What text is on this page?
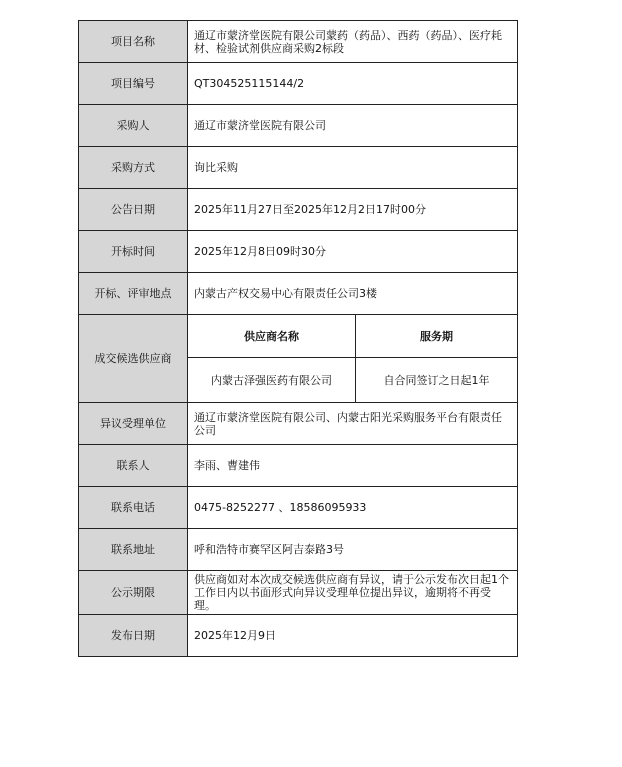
项目名称	通辽市蒙济堂医院有限公司蒙药（药品）、西药（药品）、医疗耗材、检验试剂供应商采购2标段
项目编号	QT304525115144/2
采购人	通辽市蒙济堂医院有限公司
采购方式	询比采购
公告日期	2025年11月27日至2025年12月2日17时00分
开标时间	2025年12月8日09时30分
开标、评审地点	内蒙古产权交易中心有限责任公司3楼
成交候选供应商	
供应商名称	服务期
内蒙古泽强医药有限公司	自合同签订之日起1年

异议受理单位	通辽市蒙济堂医院有限公司、内蒙古阳光采购服务平台有限责任公司
联系人	李雨、曹建伟
联系电话	0475-8252277 、18586095933
联系地址	呼和浩特市赛罕区阿吉泰路3号
公示期限	供应商如对本次成交候选供应商有异议，请于公示发布次日起1个工作日内以书面形式向异议受理单位提出异议，逾期将不再受理。
发布日期	2025年12月9日
